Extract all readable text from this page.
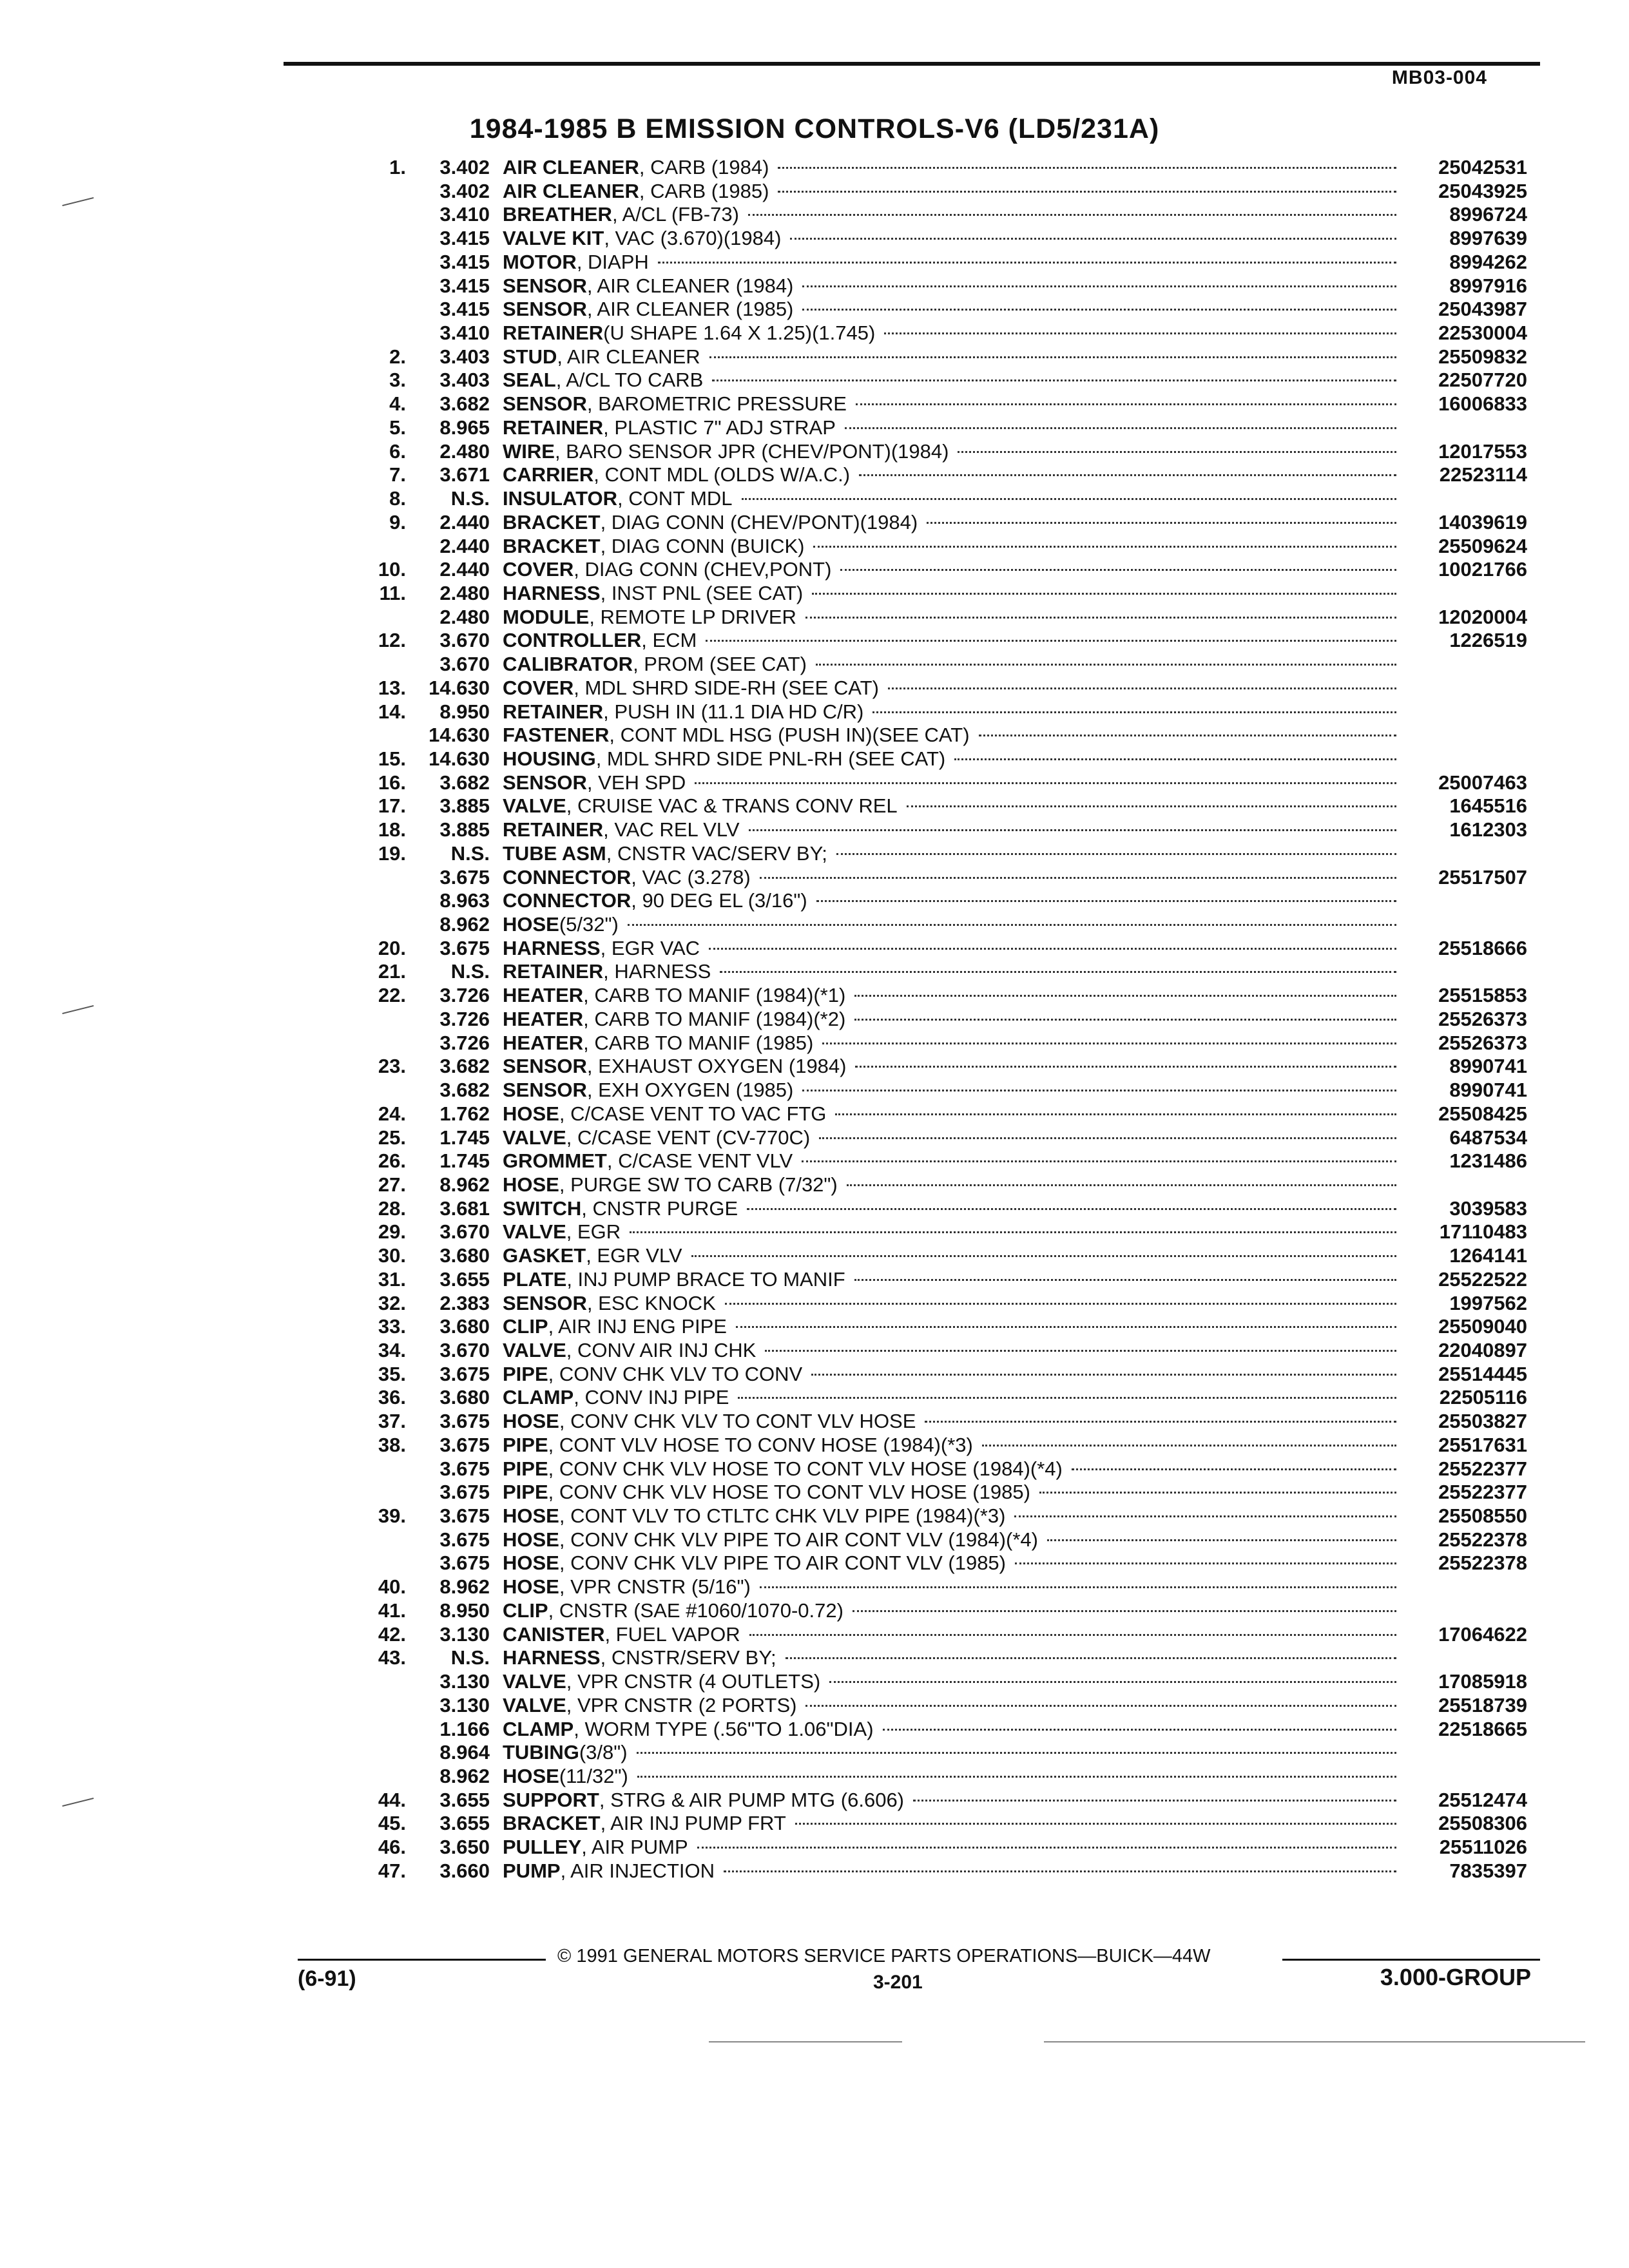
MB03-004
1984-1985 B EMISSION CONTROLS-V6 (LD5/231A)
1.	3.402 AIR CLEANER , CARB (1984)	25042531
3.402 AIR CLEANER , CARB (1985)	25043925
3.410 BREATHER , A/CL (FB-73)	8996724
3.415 VALVE KIT , VAC (3.670)(1984)	8997639
3.415 MOTOR , DIAPH	8994262
3.415 SENSOR , AIR CLEANER (1984)	8997916
3.415 SENSOR , AIR CLEANER (1985)	25043987
3.410 RETAINER (U SHAPE 1.64 X 1.25)(1.745)	22530004
2.	3.403 STUD , AIR CLEANER	25509832
3.	3.403 SEAL , A/CL TO CARB	22507720
4.	3.682 SENSOR , BAROMETRIC PRESSURE	16006833
5.	8.965 RETAINER , PLASTIC 7" ADJ STRAP
6.	2.480 WIRE , BARO SENSOR JPR (CHEV/PONT)(1984)	12017553
7.	3.671 CARRIER , CONT MDL (OLDS W/A.C.)	22523114
8.	N.S. INSULATOR , CONT MDL
9.	2.440 BRACKET , DIAG CONN (CHEV/PONT)(1984)	14039619
2.440 BRACKET , DIAG CONN (BUICK)	25509624
10.	2.440 COVER , DIAG CONN (CHEV,PONT)	10021766
11.	2.480 HARNESS , INST PNL (SEE CAT)
2.480 MODULE , REMOTE LP DRIVER	12020004
12.	3.670 CONTROLLER , ECM	1226519
3.670 CALIBRATOR , PROM (SEE CAT)
13.	14.630 COVER , MDL SHRD SIDE-RH (SEE CAT)
14.	8.950 RETAINER , PUSH IN (11.1 DIA HD C/R)
14.630 FASTENER , CONT MDL HSG (PUSH IN)(SEE CAT)
15.	14.630 HOUSING , MDL SHRD SIDE PNL-RH (SEE CAT)
16.	3.682 SENSOR , VEH SPD	25007463
17.	3.885 VALVE , CRUISE VAC & TRANS CONV REL	1645516
18.	3.885 RETAINER , VAC REL VLV	1612303
19.	N.S. TUBE ASM , CNSTR VAC/SERV BY;
3.675 CONNECTOR , VAC (3.278)	25517507
8.963 CONNECTOR , 90 DEG EL (3/16")
8.962 HOSE (5/32")
20.	3.675 HARNESS , EGR VAC	25518666
21.	N.S. RETAINER , HARNESS
22.	3.726 HEATER , CARB TO MANIF (1984)(*1)	25515853
3.726 HEATER , CARB TO MANIF (1984)(*2)	25526373
3.726 HEATER , CARB TO MANIF (1985)	25526373
23.	3.682 SENSOR , EXHAUST OXYGEN (1984)	8990741
3.682 SENSOR , EXH OXYGEN (1985)	8990741
24.	1.762 HOSE , C/CASE VENT TO VAC FTG	25508425
25.	1.745 VALVE , C/CASE VENT (CV-770C)	6487534
26.	1.745 GROMMET , C/CASE VENT VLV	1231486
27.	8.962 HOSE , PURGE SW TO CARB (7/32")
28.	3.681 SWITCH , CNSTR PURGE	3039583
29.	3.670 VALVE , EGR	17110483
30.	3.680 GASKET , EGR VLV	1264141
31.	3.655 PLATE , INJ PUMP BRACE TO MANIF	25522522
32.	2.383 SENSOR , ESC KNOCK	1997562
33.	3.680 CLIP , AIR INJ ENG PIPE	25509040
34.	3.670 VALVE , CONV AIR INJ CHK	22040897
35.	3.675 PIPE , CONV CHK VLV TO CONV	25514445
36.	3.680 CLAMP , CONV INJ PIPE	22505116
37.	3.675 HOSE , CONV CHK VLV TO CONT VLV HOSE	25503827
38.	3.675 PIPE , CONT VLV HOSE TO CONV HOSE (1984)(*3)	25517631
3.675 PIPE , CONV CHK VLV HOSE TO CONT VLV HOSE (1984)(*4)	25522377
3.675 PIPE , CONV CHK VLV HOSE TO CONT VLV HOSE (1985)	25522377
39.	3.675 HOSE , CONT VLV TO CTLTC CHK VLV PIPE (1984)(*3)	25508550
3.675 HOSE , CONV CHK VLV PIPE TO AIR CONT VLV (1984)(*4)	25522378
3.675 HOSE , CONV CHK VLV PIPE TO AIR CONT VLV (1985)	25522378
40.	8.962 HOSE , VPR CNSTR (5/16")
41.	8.950 CLIP , CNSTR (SAE #1060/1070-0.72)
42.	3.130 CANISTER , FUEL VAPOR	17064622
43.	N.S. HARNESS , CNSTR/SERV BY;
3.130 VALVE , VPR CNSTR (4 OUTLETS)	17085918
3.130 VALVE , VPR CNSTR (2 PORTS)	25518739
1.166 CLAMP , WORM TYPE (.56"TO 1.06"DIA)	22518665
8.964 TUBING (3/8")
8.962 HOSE (11/32")
44.	3.655 SUPPORT , STRG & AIR PUMP MTG (6.606)	25512474
45.	3.655 BRACKET , AIR INJ PUMP FRT	25508306
46.	3.650 PULLEY , AIR PUMP	25511026
47.	3.660 PUMP , AIR INJECTION	7835397
(6-91)
© 1991 GENERAL MOTORS SERVICE PARTS OPERATIONS—BUICK—44W
3-201	3.000-GROUP
